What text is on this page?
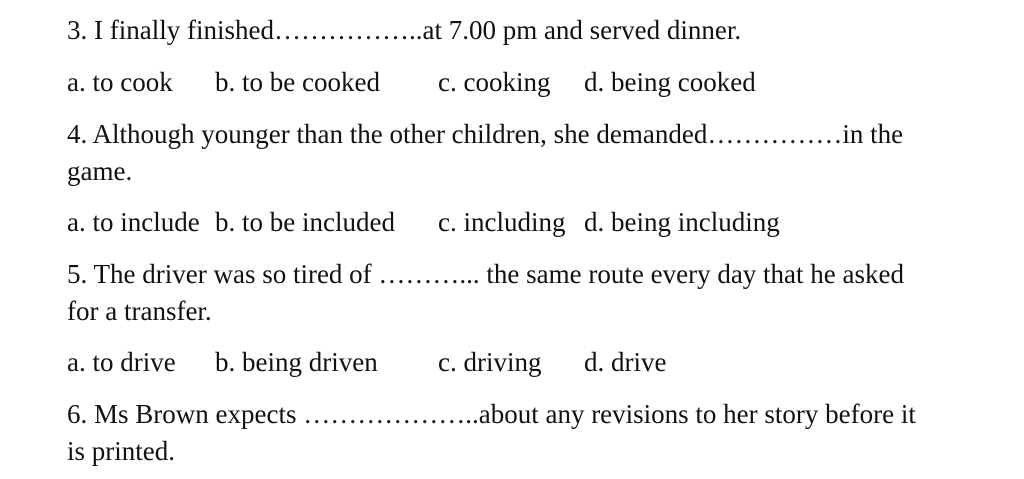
3. I finally finished……………..at 7.00 pm and served dinner.
a. to cook b. to be cooked c. cooking d. being cooked
4. Although younger than the other children, she demanded……………in the
game.
a. to include b. to be included c. including d. being including
5. The driver was so tired of ………... the same route every day that he asked
for a transfer.
a. to drive b. being driven c. driving d. drive
6. Ms Brown expects ………………..about any revisions to her story before it
is printed.
